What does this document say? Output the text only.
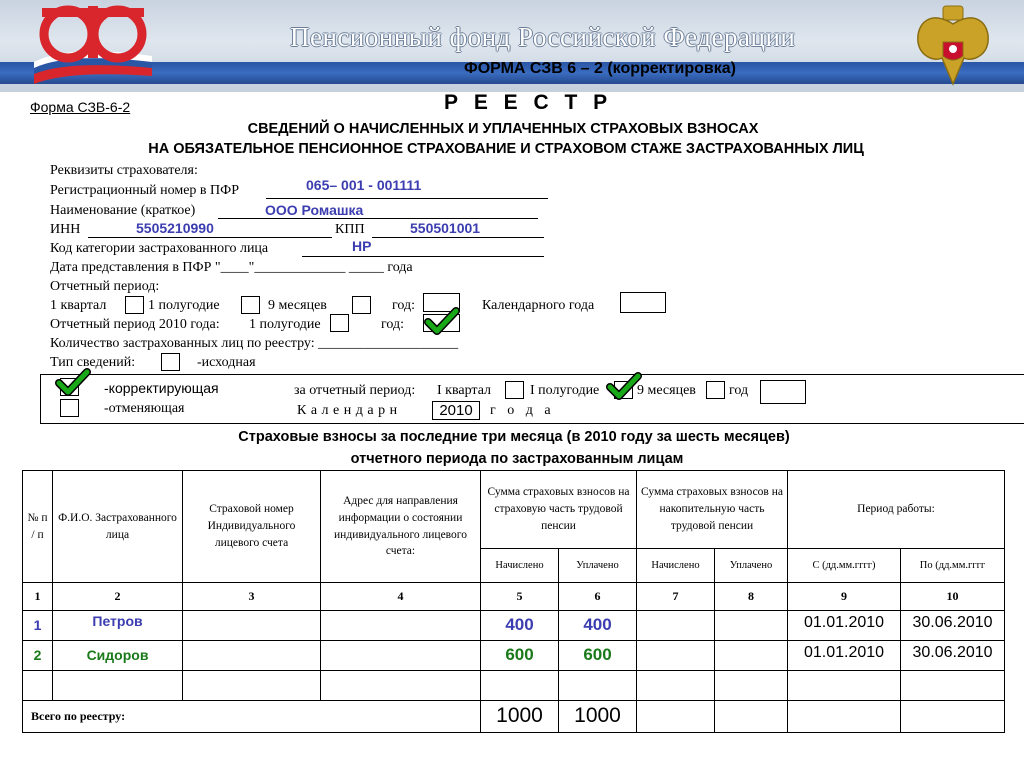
Пенсионный фонд Российской Федерации
ФОРМА СЗВ 6 – 2 (корректировка)
Форма СЗВ-6-2	Р Е Е С Т Р
СВЕДЕНИЙ О НАЧИСЛЕННЫХ И УПЛАЧЕННЫХ СТРАХОВЫХ ВЗНОСАХ
НА ОБЯЗАТЕЛЬНОЕ ПЕНСИОННОЕ СТРАХОВАНИЕ И СТРАХОВОМ СТАЖЕ ЗАСТРАХОВАННЫХ ЛИЦ
Реквизиты страхователя:
Регистрационный номер в ПФР	065– 001 - 001111
Наименование (краткое)	ООО Ромашка
ИНН	5505210990	КПП	550501001
Код категории застрахованного лица	НР
Дата представления в ПФР "____"_____________ _____ года
Отчетный период:
1 квартал	1 полугодие	9 месяцев	год:	Календарного года
Отчетный период 2010 года: 1 полугодие	год:
Количество застрахованных лиц по реестру: ____________________
Тип сведений:	-исходная
-корректирующая
-отменяющая
за отчетный период: I квартал	I полугодие	9 месяцев год
К а л е н д а р н	2010	г о д а
Страховые взносы за последние три месяца (в 2010 году за шесть месяцев)
отчетного периода по застрахованным лицам
№ п / п	Ф.И.О. Застрахованного лица	Страховой номер Индивидуального лицевого счета	Адрес для направления информации о состоянии индивидуального лицевого счета:	Сумма страховых взносов на страховую часть трудовой пенсии		Сумма страховых взносов на накопительную часть трудовой пенсии		Период работы:	
				Начислено	Уплачено	Начислено	Уплачено	С (дд.мм.гггг)	По (дд.мм.гггг
1	2	3	4	5	6	7	8	9	10
1	Петров			400	400			01.01.2010	30.06.2010
2	Сидоров			600	600			01.01.2010	30.06.2010

Всего по реестру:				1000	1000				
